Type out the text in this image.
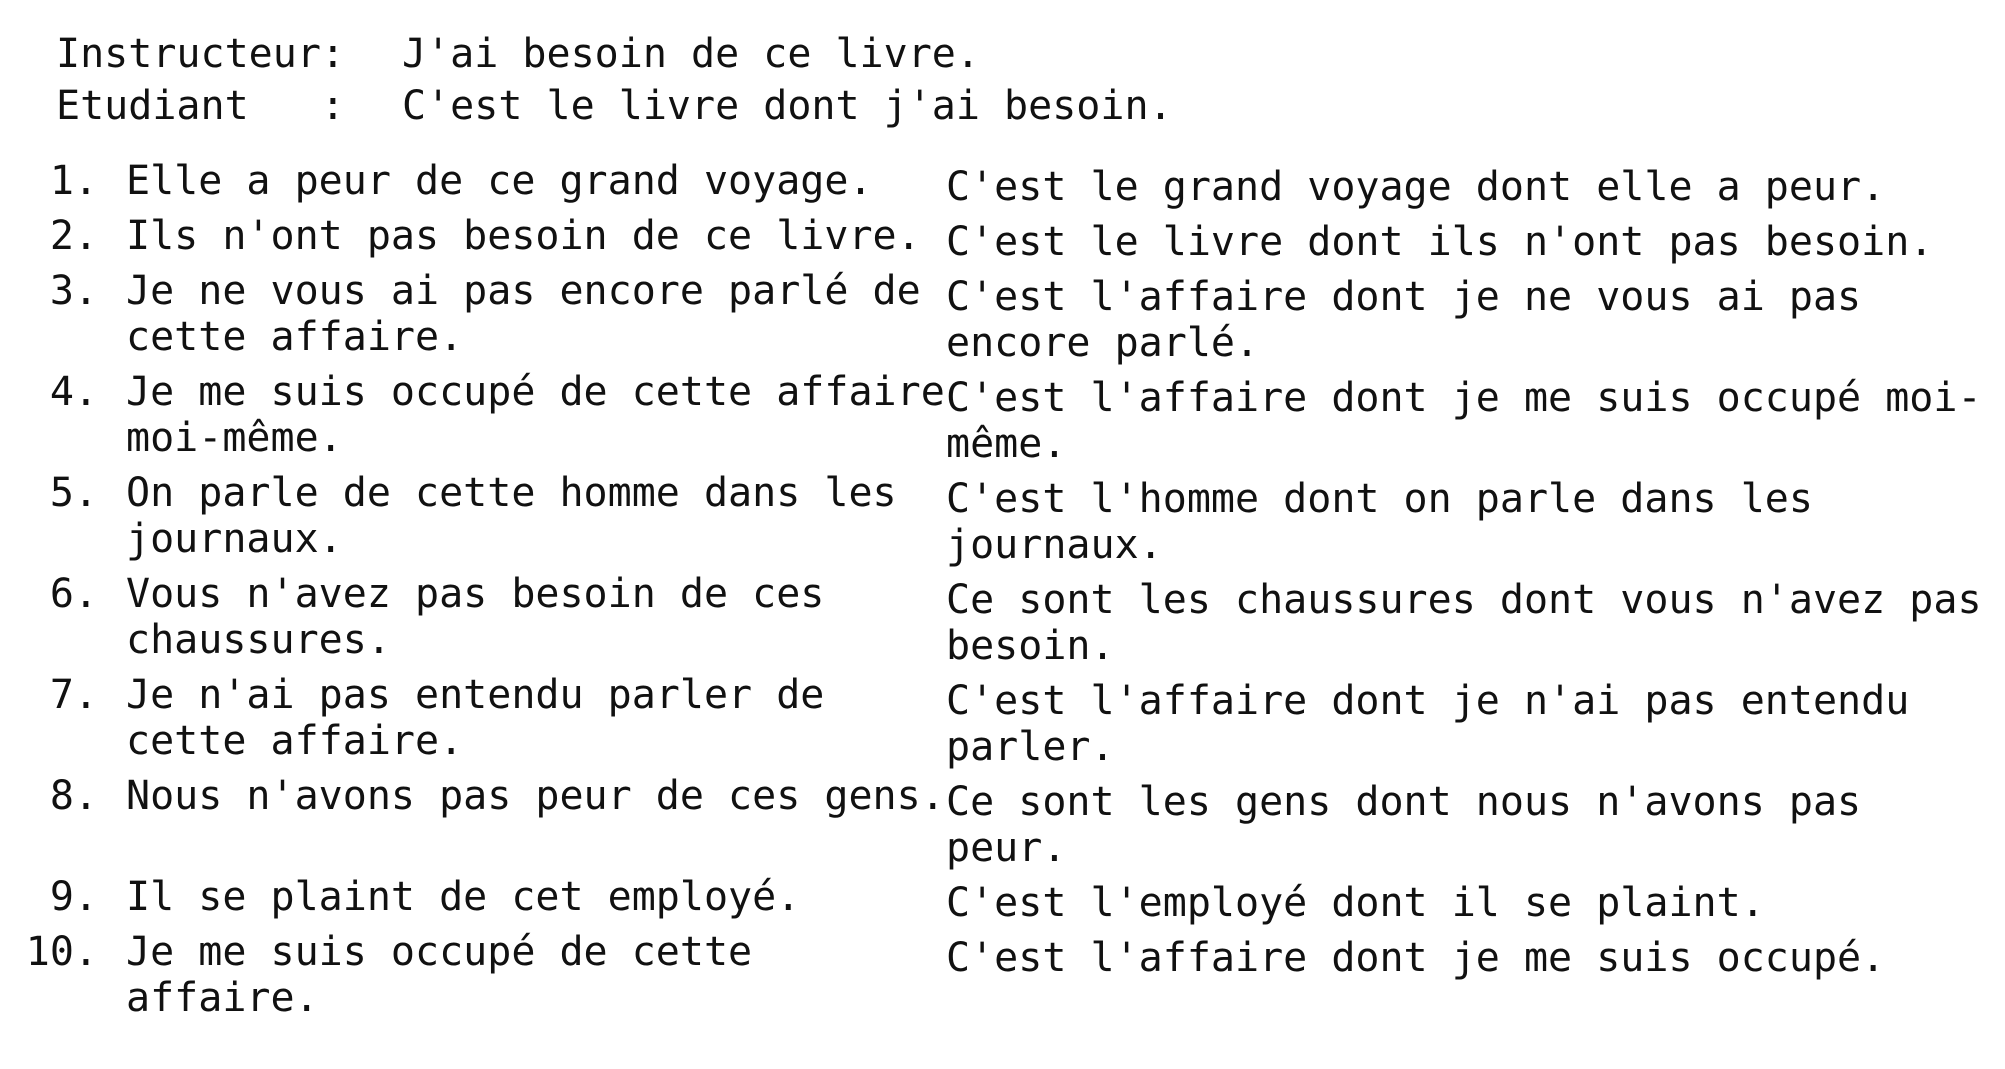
Instructeur:	J'ai besoin de ce livre.
Etudiant   :	C'est le livre dont j'ai besoin.
1. Elle a peur de ce grand voyage.	C'est le grand voyage dont elle a peur.
2. Ils n'ont pas besoin de ce livre. C'est le livre dont ils n'ont pas besoin.
3. Je ne vous ai pas encore parlé de cette affaire.
C'est l'affaire dont je ne vous ai pas encore parlé.
4. Je me suis occupé de cette affaire moi-même.
C'est l'affaire dont je me suis occupé moi-même.
5. On parle de cette homme dans les journaux.
C'est l'homme dont on parle dans les journaux.
6. Vous n'avez pas besoin de ces chaussures.
Ce sont les chaussures dont vous n'avez pas besoin.
7. Je n'ai pas entendu parler de cette affaire.
C'est l'affaire dont je n'ai pas entendu parler.
8. Nous n'avons pas peur de ces gens. Ce sont les gens dont nous n'avons pas peur.
9. Il se plaint de cet employé.	C'est l'employé dont il se plaint.
10. Je me suis occupé de cette affaire.
C'est l'affaire dont je me suis occupé.
